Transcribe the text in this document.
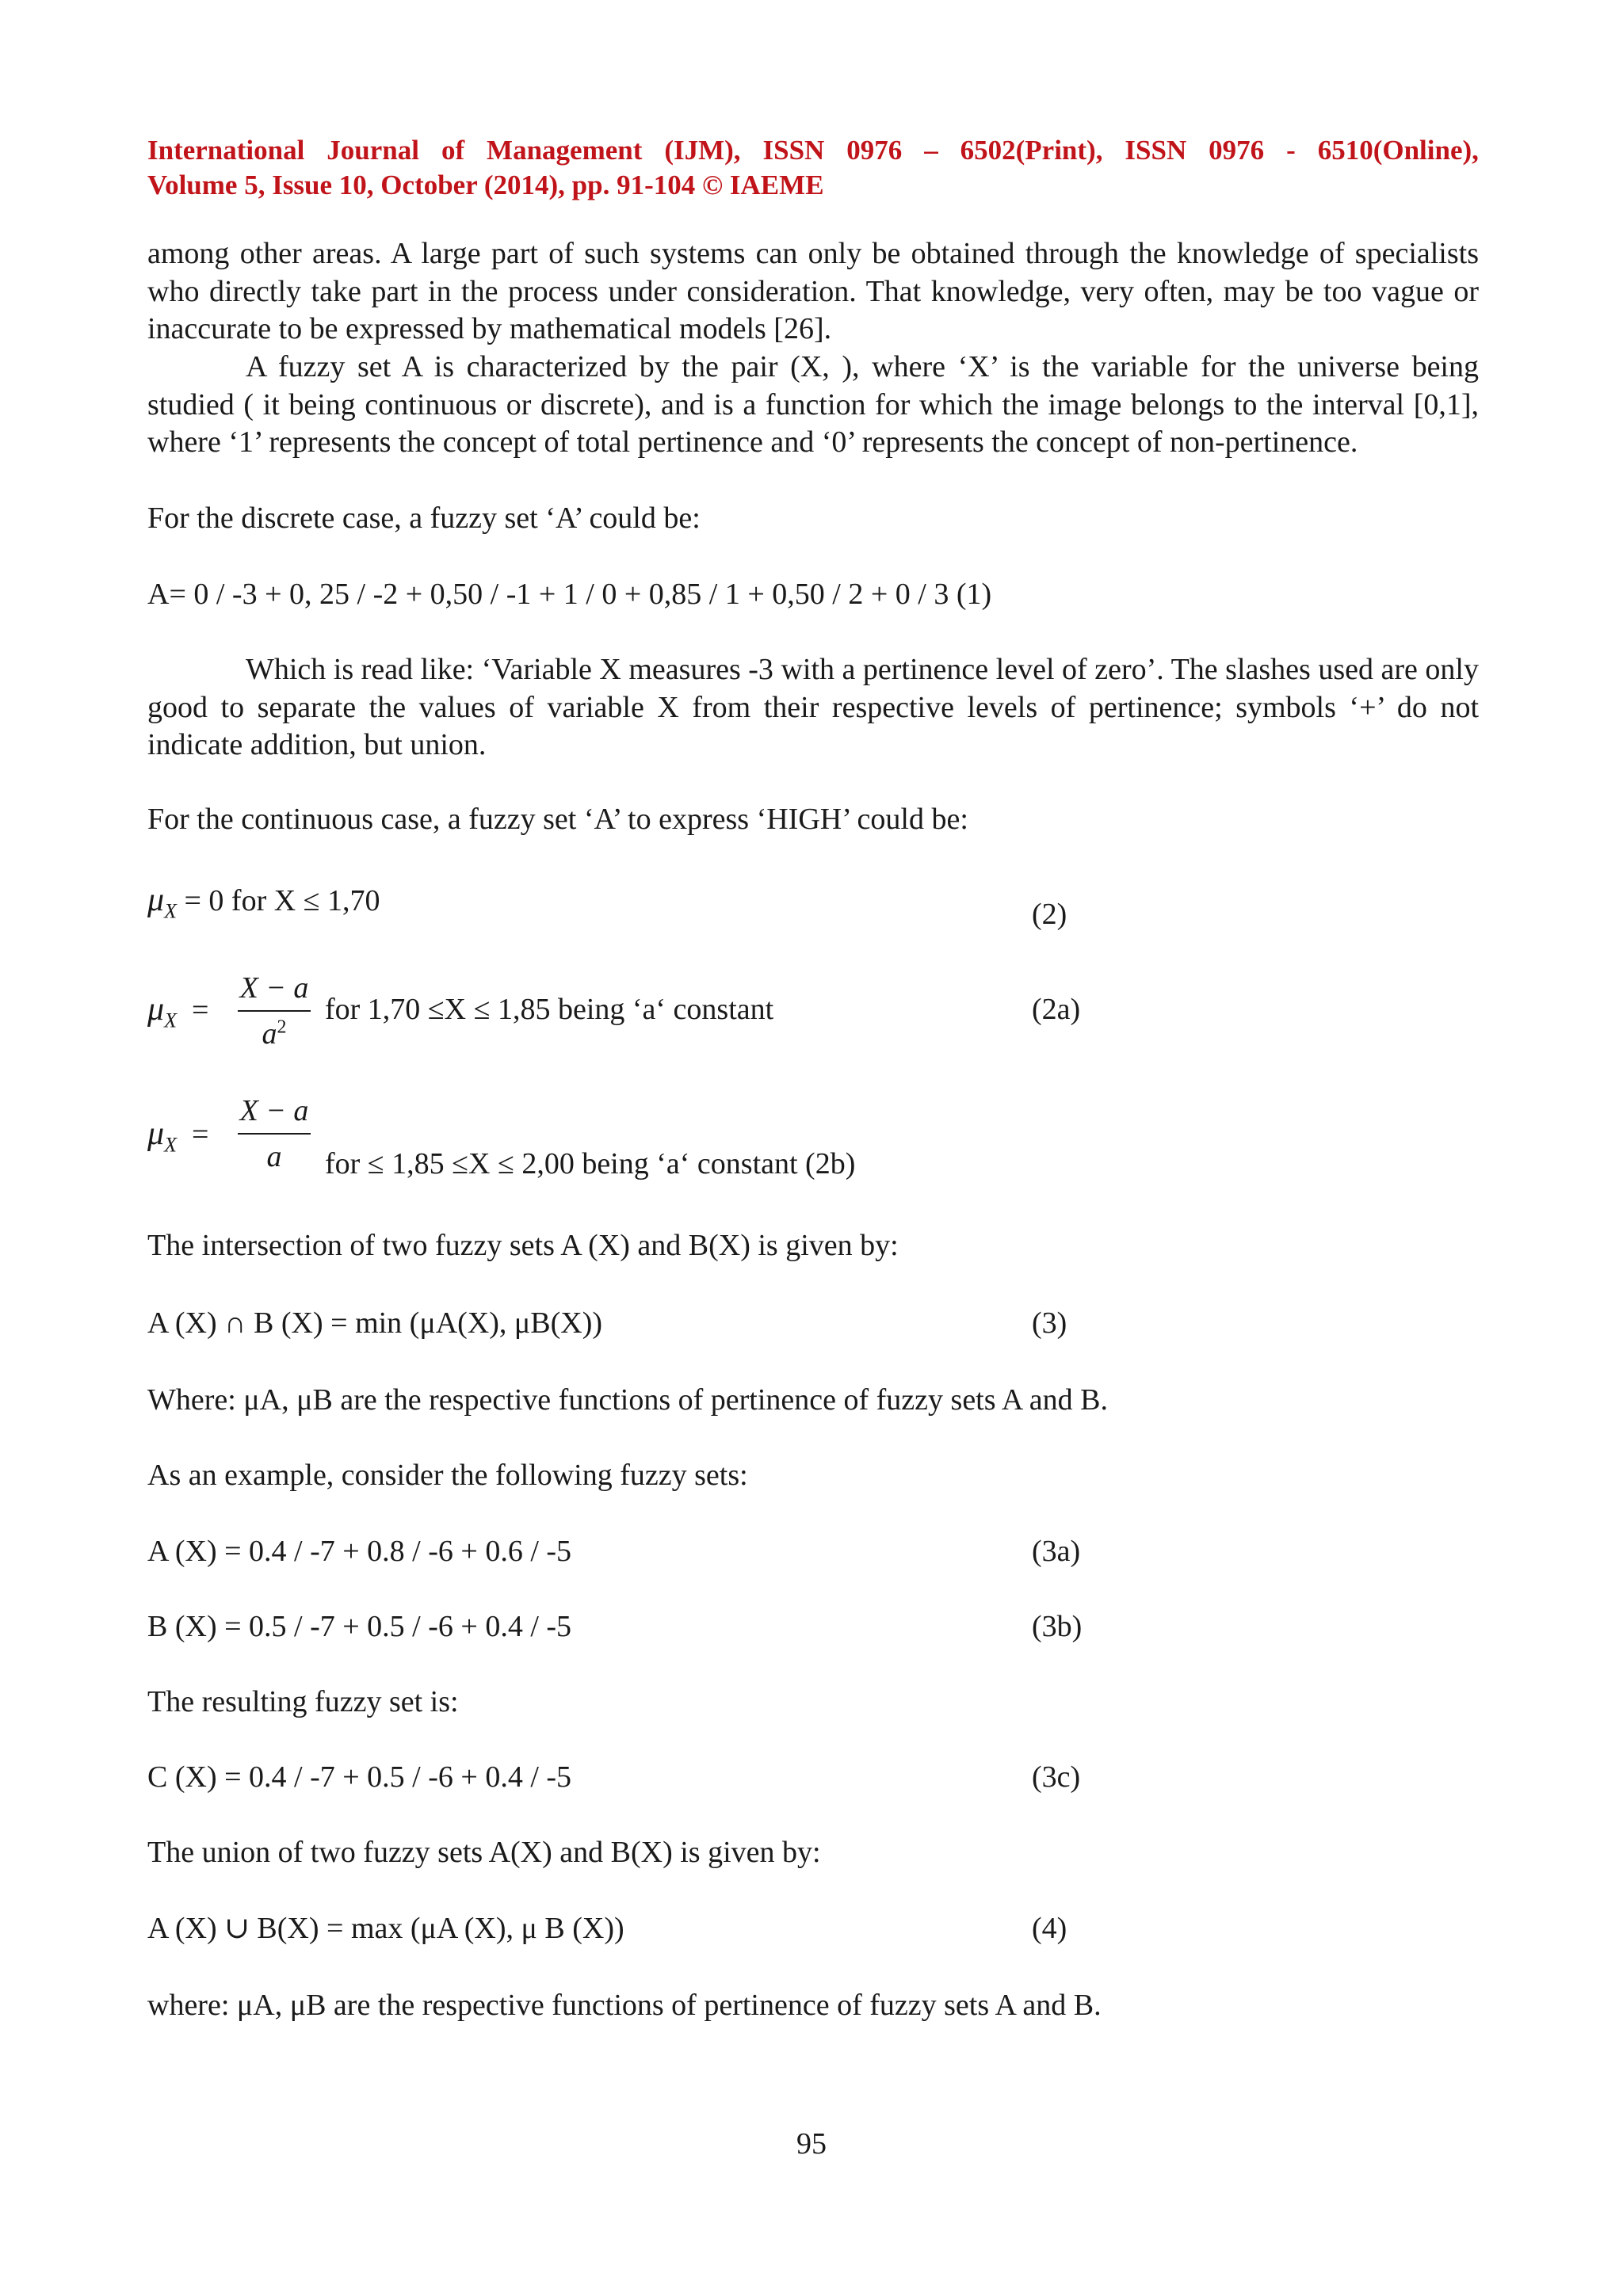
International Journal of Management (IJM), ISSN 0976 – 6502(Print), ISSN 0976 - 6510(Online),
Volume 5, Issue 10, October (2014), pp. 91-104 © IAEME
among other areas. A large part of such systems can only be obtained through the knowledge of specialists who directly take part in the process under consideration. That knowledge, very often, may be too vague or inaccurate to be expressed by mathematical models [26].
A fuzzy set A is characterized by the pair (X, ), where ‘X’ is the variable for the universe being studied ( it being continuous or discrete), and is a function for which the image belongs to the interval [0,1], where ‘1’ represents the concept of total pertinence and ‘0’ represents the concept of non-pertinence.
For the discrete case, a fuzzy set ‘A’ could be:
A= 0 / -3 + 0, 25 / -2 + 0,50 / -1 + 1 / 0 + 0,85 / 1 + 0,50 / 2 + 0 / 3 (1)
Which is read like: ‘Variable X measures -3 with a pertinence level of zero’. The slashes used are only good to separate the values of variable X from their respective levels of pertinence; symbols ‘+’ do not indicate addition, but union.
For the continuous case, a fuzzy set ‘A’ to express ‘HIGH’ could be:
$\mu_X = 0$ for X ≤ 1,70	(2)
$\mu_X$ =
X − a
$a^2$
for 1,70 ≤X ≤ 1,85 being ‘a‘ constant	(2a)
$\mu_X$ =
X − a
a	for ≤ 1,85 ≤X ≤ 2,00 being ‘a‘ constant (2b)
The intersection of two fuzzy sets A (X) and B(X) is given by:
A (X) ∩ B (X) = min (μA(X), μB(X))	(3)
Where: μA, μB are the respective functions of pertinence of fuzzy sets A and B.
As an example, consider the following fuzzy sets:
A (X) = 0.4 / -7 + 0.8 / -6 + 0.6 / -5	(3a)
B (X) = 0.5 / -7 + 0.5 / -6 + 0.4 / -5	(3b)
The resulting fuzzy set is:
C (X) = 0.4 / -7 + 0.5 / -6 + 0.4 / -5	(3c)
The union of two fuzzy sets A(X) and B(X) is given by:
A (X) ∪ B(X) = max (μA (X), μ B (X))	(4)
where: μA, μB are the respective functions of pertinence of fuzzy sets A and B.
95
